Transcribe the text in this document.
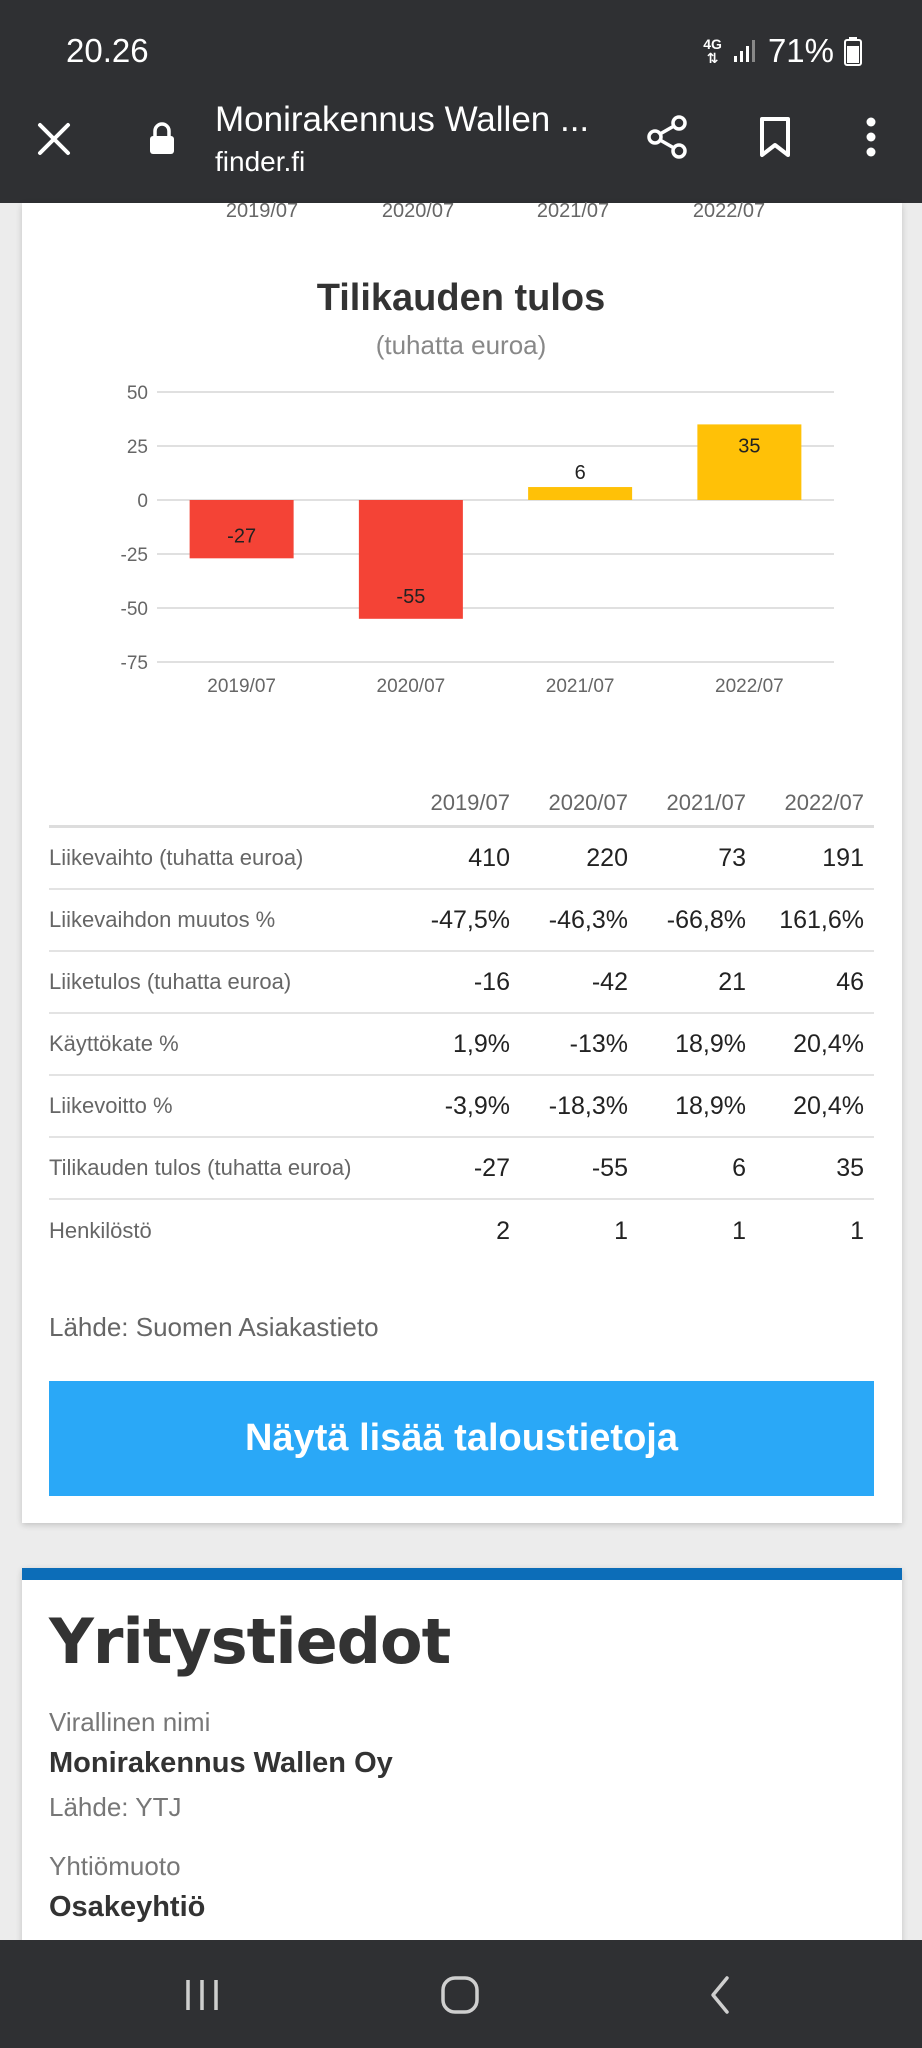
20.26	4G
⇅ 71%
Monirakennus Wallen ...
finder.fi
2019/07	2020/07	2021/07	2022/07
Tilikauden tulos
(tuhatta euroa)
50
25
0
-25
-50
-75
-27
2019/07
-55
2020/07
6
2021/07
35
2022/07
2019/07	2020/07	2021/07	2022/07
Liikevaihto (tuhatta euroa)	410	220	73	191
Liikevaihdon muutos %	-47,5%	-46,3%	-66,8%	161,6%
Liiketulos (tuhatta euroa)	-16	-42	21	46
Käyttökate %	1,9%	-13%	18,9%	20,4%
Liikevoitto %	-3,9%	-18,3%	18,9%	20,4%
Tilikauden tulos (tuhatta euroa)	-27	-55	6	35
Henkilöstö	2	1	1	1
Lähde: Suomen Asiakastieto
Näytä lisää taloustietoja
Yritystiedot
Virallinen nimi
Monirakennus Wallen Oy
Lähde: YTJ
Yhtiömuoto
Osakeyhtiö
